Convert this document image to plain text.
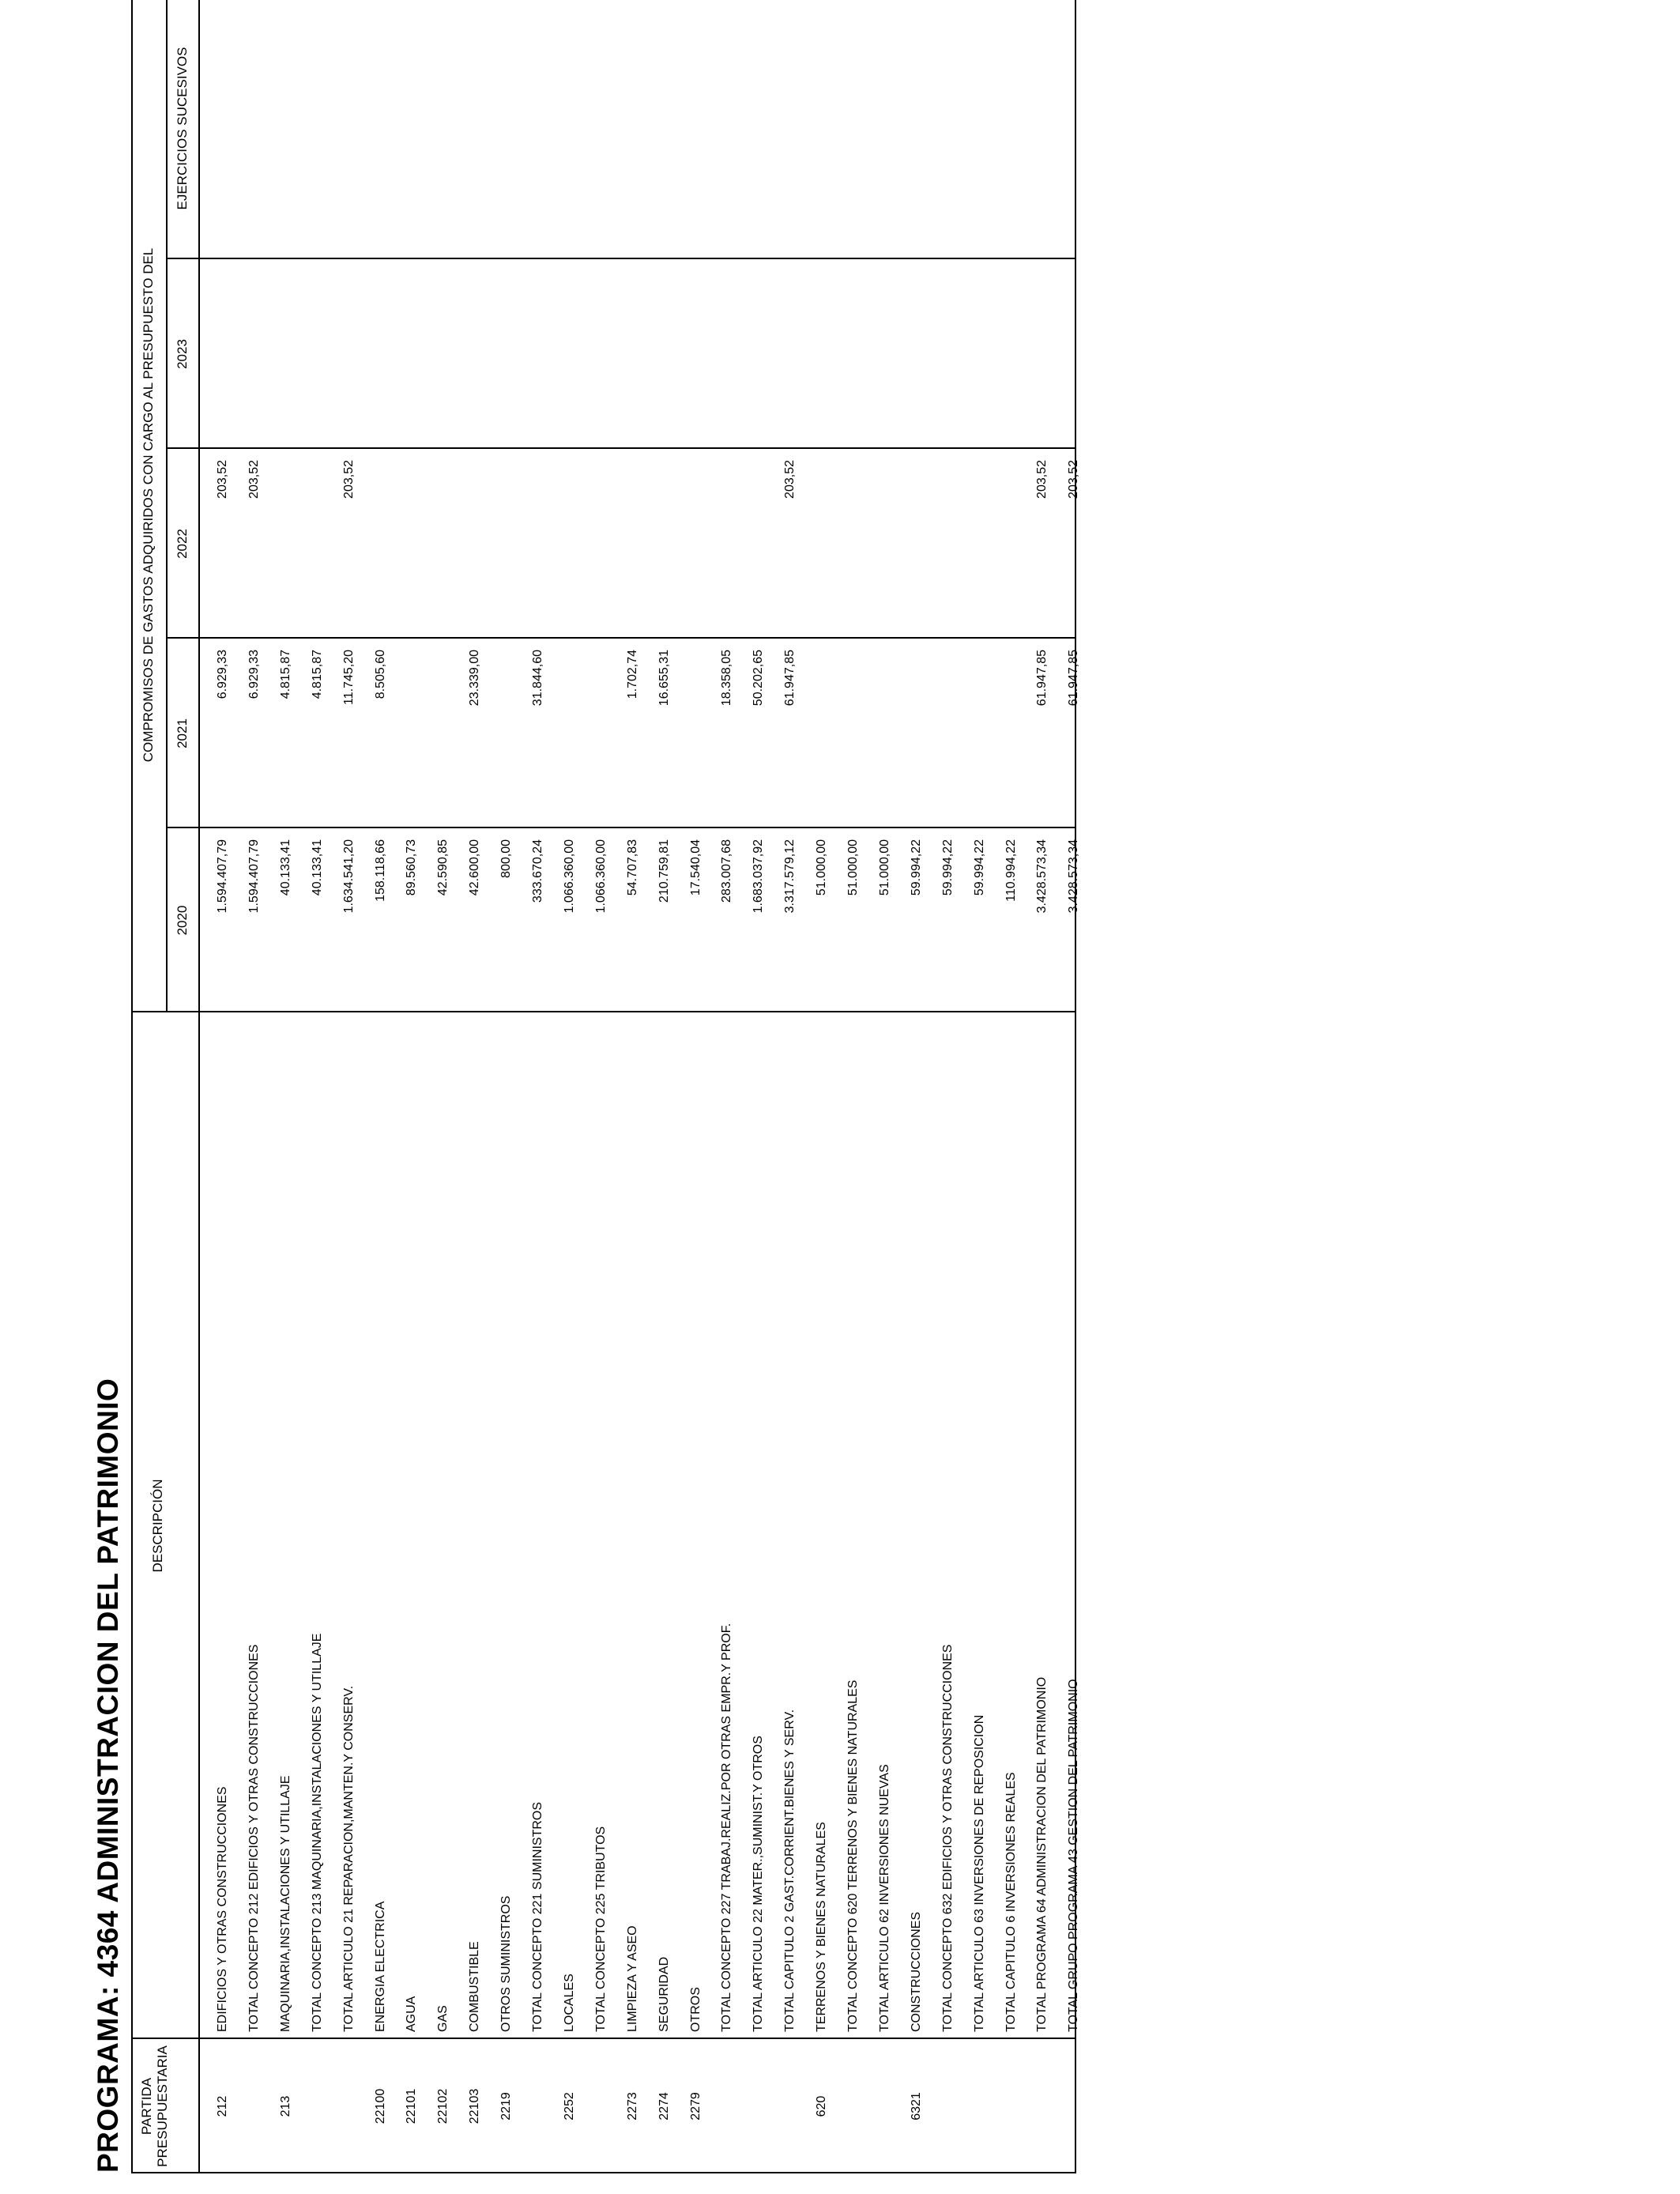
PROGRAMA: 4364 ADMINISTRACION DEL PATRIMONIO PARTIDA PRESUPUESTARIA
DESCRIPCIÓN
COMPROMISOS DE GASTOS ADQUIRIDOS CON CARGO AL PRESUPUESTO DEL
2020
2021
2022
2023
EJERCICIOS SUCESIVOS
212
EDIFICIOS Y OTRAS CONSTRUCCIONES
1.594.407,79
6.929,33
203,52
TOTAL CONCEPTO 212 EDIFICIOS Y OTRAS CONSTRUCCIONES
1.594.407,79
6.929,33
203,52
213
MAQUINARIA,INSTALACIONES Y UTILLAJE
40.133,41
4.815,87
TOTAL CONCEPTO 213 MAQUINARIA,INSTALACIONES Y UTILLAJE
40.133,41
4.815,87
TOTAL ARTICULO 21 REPARACION,MANTEN.Y CONSERV.
1.634.541,20
11.745,20
203,52
22100
ENERGIA ELECTRICA
158.118,66
8.505,60
22101
AGUA
89.560,73
22102
GAS
42.590,85
22103
COMBUSTIBLE
42.600,00
23.339,00
2219
OTROS SUMINISTROS
800,00
TOTAL CONCEPTO 221 SUMINISTROS
333.670,24
31.844,60
2252
LOCALES
1.066.360,00
TOTAL CONCEPTO 225 TRIBUTOS
1.066.360,00
2273
LIMPIEZA Y ASEO
54.707,83
1.702,74
2274
SEGURIDAD
210.759,81
16.655,31
2279
OTROS
17.540,04
TOTAL CONCEPTO 227 TRABAJ.REALIZ.POR OTRAS EMPR.Y PROF.
283.007,68
18.358,05
TOTAL ARTICULO 22 MATER.,SUMINIST.Y OTROS
1.683.037,92
50.202,65
TOTAL CAPITULO 2 GAST.CORRIENT.BIENES Y SERV.
3.317.579,12
61.947,85
203,52
620
TERRENOS Y BIENES NATURALES
51.000,00
TOTAL CONCEPTO 620 TERRENOS Y BIENES NATURALES
51.000,00
TOTAL ARTICULO 62 INVERSIONES NUEVAS
51.000,00
6321
CONSTRUCCIONES
59.994,22
TOTAL CONCEPTO 632 EDIFICIOS Y OTRAS CONSTRUCCIONES
59.994,22
TOTAL ARTICULO 63 INVERSIONES DE REPOSICION
59.994,22
TOTAL CAPITULO 6 INVERSIONES REALES
110.994,22
TOTAL PROGRAMA 64 ADMINISTRACION DEL PATRIMONIO
3.428.573,34
61.947,85
203,52
TOTAL GRUPO PROGRAMA 43 GESTION DEL PATRIMONIO
3.428.573,34
61.947,85
203,52
